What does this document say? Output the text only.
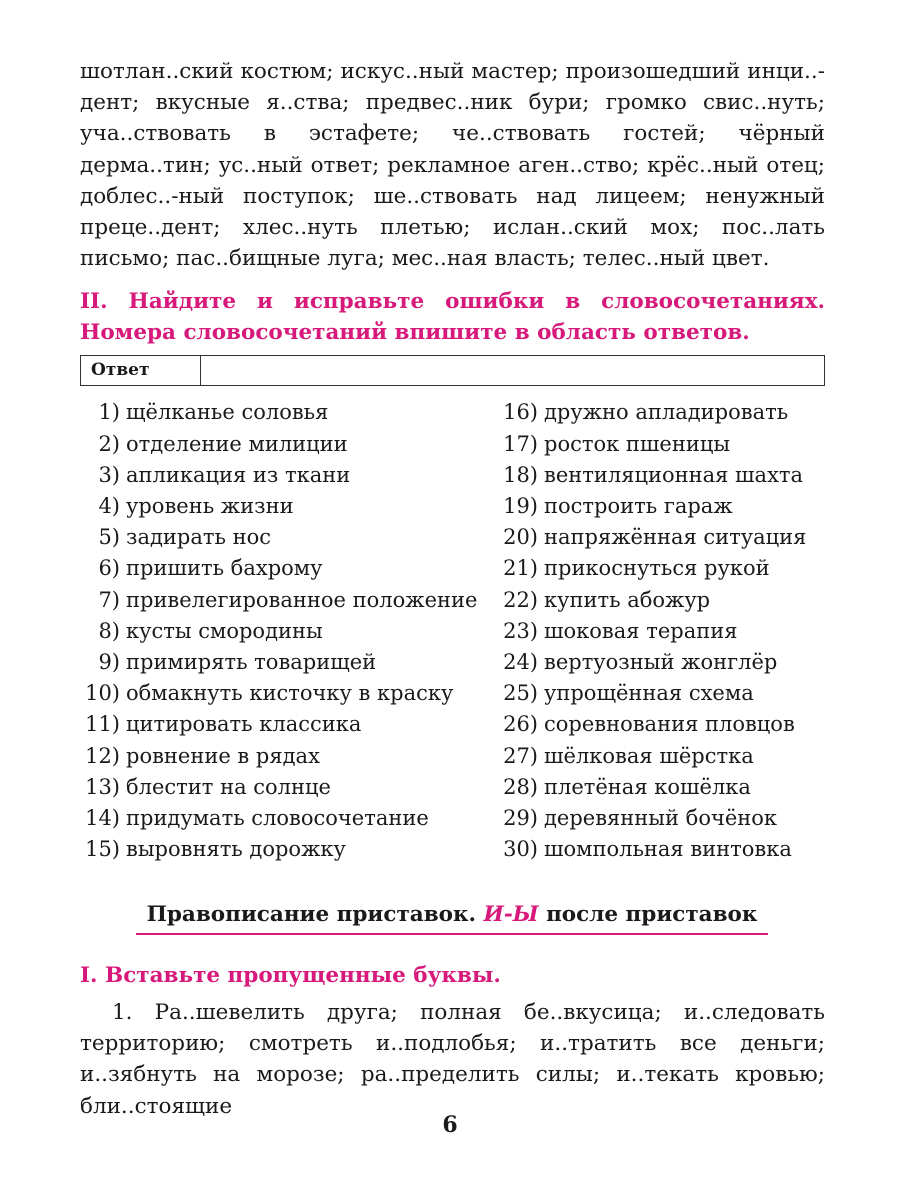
шотлан..ский костюм; искус..ный мастер; произошедший инци..-дент; вкусные я..ства; предвес..ник бури; громко свис..нуть; уча..ствовать в эстафете; че..ствовать гостей; чёрный дерма..тин; ус..ный ответ; рекламное аген..ство; крёс..ный отец; доблес..-ный поступок; ше..ствовать над лицеем; ненужный преце..дент; хлес..нуть плетью; ислан..ский мох; пос..лать письмо; пас..бищные луга; мес..ная власть; телес..ный цвет.

II. Найдите и исправьте ошибки в словосочетаниях. Номера словосочетаний впишите в область ответов.

Ответ
1) щёлканье соловья
2) отделение милиции
3) апликация из ткани
4) уровень жизни
5) задирать нос
6) пришить бахрому
7) привелегированное положение
8) кусты смородины
9) примирять товарищей
10) обмакнуть кисточку в краску
11) цитировать классика
12) ровнение в рядах
13) блестит на солнце
14) придумать словосочетание
15) выровнять дорожку
16) дружно апладировать
17) росток пшеницы
18) вентиляционная шахта
19) построить гараж
20) напряжённая ситуация
21) прикоснуться рукой
22) купить абожур
23) шоковая терапия
24) вертуозный жонглёр
25) упрощённая схема
26) соревнования пловцов
27) шёлковая шёрстка
28) плетёная кошёлка
29) деревянный бочёнок
30) шомпольная винтовка
Правописание приставок. И-Ы после приставок

I. Вставьте пропущенные буквы.

1. Ра..шевелить друга; полная бе..вкусица; и..следовать территорию; смотреть и..подлобья; и..тратить все деньги; и..зябнуть на морозе; ра..пределить силы; и..текать кровью; бли..стоящие

6
